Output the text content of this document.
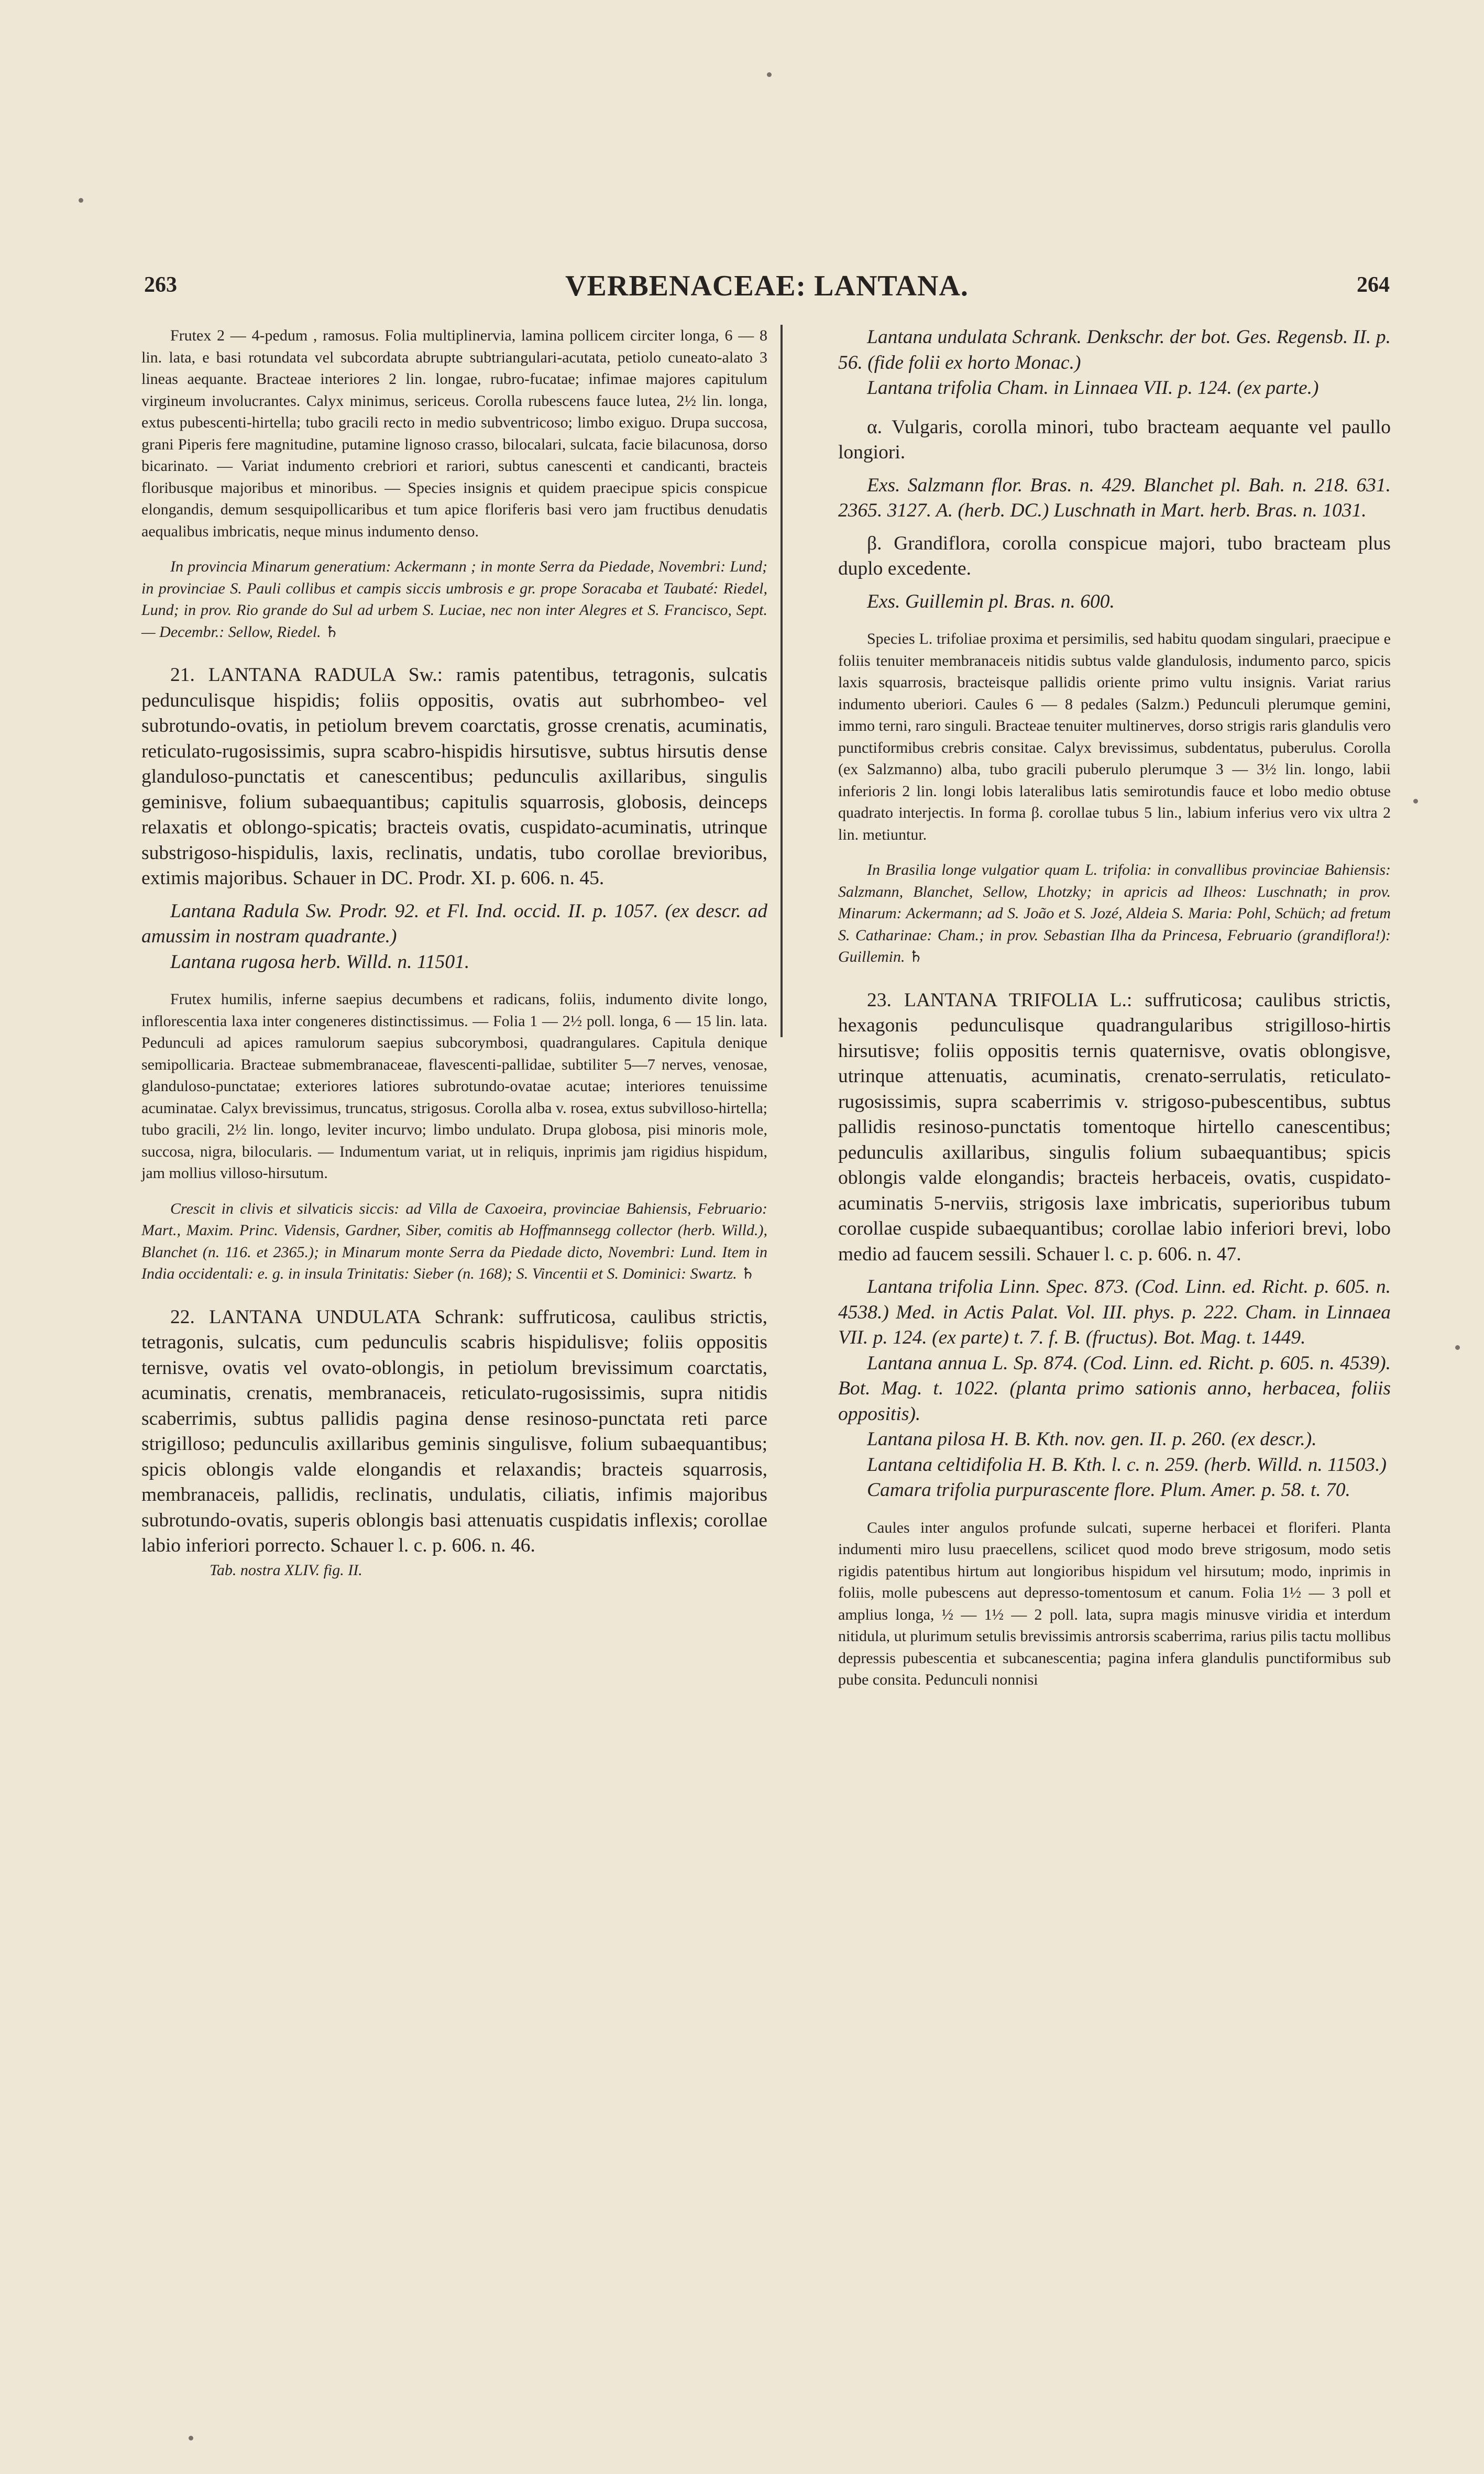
263	VERBENACEAE: LANTANA.	264

Frutex 2 — 4-pedum , ramosus. Folia multiplinervia, lamina pollicem circiter longa, 6 — 8 lin. lata, e basi rotundata vel subcordata abrupte subtriangulari-acutata, petiolo cuneato-alato 3 lineas aequante. Bracteae interiores 2 lin. longae, rubro-fucatae; infimae majores capitulum virgineum involucrantes. Calyx minimus, sericeus. Corolla rubescens fauce lutea, 2½ lin. longa, extus pubescenti-hirtella; tubo gracili recto in medio subventricoso; limbo exiguo. Drupa succosa, grani Piperis fere magnitudine, putamine lignoso crasso, bilocalari, sulcata, facie bilacunosa, dorso bicarinato. — Variat indumento crebriori et rariori, subtus canescenti et candicanti, bracteis floribusque majoribus et minoribus. — Species insignis et quidem praecipue spicis conspicue elongandis, demum sesquipollicaribus et tum apice floriferis basi vero jam fructibus denudatis aequalibus imbricatis, neque minus indumento denso.

In provincia Minarum generatium: Ackermann ; in monte Serra da Piedade, Novembri: Lund; in provinciae S. Pauli collibus et campis siccis umbrosis e gr. prope Soracaba et Taubaté: Riedel, Lund; in prov. Rio grande do Sul ad urbem S. Luciae, nec non inter Alegres et S. Francisco, Sept. — Decembr.: Sellow, Riedel. ♄

21. LANTANA RADULA Sw.: ramis patentibus, tetragonis, sulcatis pedunculisque hispidis; foliis oppositis, ovatis aut subrhombeo- vel subrotundo-ovatis, in petiolum brevem coarctatis, grosse crenatis, acuminatis, reticulato-rugosissimis, supra scabro-hispidis hirsutisve, subtus hirsutis dense glanduloso-punctatis et canescentibus; pedunculis axillaribus, singulis geminisve, folium subaequantibus; capitulis squarrosis, globosis, deinceps relaxatis et oblongo-spicatis; bracteis ovatis, cuspidato-acuminatis, utrinque substrigoso-hispidulis, laxis, reclinatis, undatis, tubo corollae brevioribus, extimis majoribus. Schauer in DC. Prodr. XI. p. 606. n. 45.

Lantana Radula Sw. Prodr. 92. et Fl. Ind. occid. II. p. 1057. (ex descr. ad amussim in nostram quadrante.)

Lantana rugosa herb. Willd. n. 11501.

Frutex humilis, inferne saepius decumbens et radicans, foliis, indumento divite longo, inflorescentia laxa inter congeneres distinctissimus. — Folia 1 — 2½ poll. longa, 6 — 15 lin. lata. Pedunculi ad apices ramulorum saepius subcorymbosi, quadrangulares. Capitula denique semipollicaria. Bracteae submembranaceae, flavescenti-pallidae, subtiliter 5—7 nerves, venosae, glanduloso-punctatae; exteriores latiores subrotundo-ovatae acutae; interiores tenuissime acuminatae. Calyx brevissimus, truncatus, strigosus. Corolla alba v. rosea, extus subvilloso-hirtella; tubo gracili, 2½ lin. longo, leviter incurvo; limbo undulato. Drupa globosa, pisi minoris mole, succosa, nigra, bilocularis. — Indumentum variat, ut in reliquis, inprimis jam rigidius hispidum, jam mollius villoso-hirsutum.

Crescit in clivis et silvaticis siccis: ad Villa de Caxoeira, provinciae Bahiensis, Februario: Mart., Maxim. Princ. Vidensis, Gardner, Siber, comitis ab Hoffmannsegg collector (herb. Willd.), Blanchet (n. 116. et 2365.); in Minarum monte Serra da Piedade dicto, Novembri: Lund. Item in India occidentali: e. g. in insula Trinitatis: Sieber (n. 168); S. Vincentii et S. Dominici: Swartz. ♄

22. LANTANA UNDULATA Schrank: suffruticosa, caulibus strictis, tetragonis, sulcatis, cum pedunculis scabris hispidulisve; foliis oppositis ternisve, ovatis vel ovato-oblongis, in petiolum brevissimum coarctatis, acuminatis, crenatis, membranaceis, reticulato-rugosissimis, supra nitidis scaberrimis, subtus pallidis pagina dense resinoso-punctata reti parce strigilloso; pedunculis axillaribus geminis singulisve, folium subaequantibus; spicis oblongis valde elongandis et relaxandis; bracteis squarrosis, membranaceis, pallidis, reclinatis, undulatis, ciliatis, infimis majoribus subrotundo-ovatis, superis oblongis basi attenuatis cuspidatis inflexis; corollae labio inferiori porrecto. Schauer l. c. p. 606. n. 46.

Tab. nostra XLIV. fig. II.

Lantana undulata Schrank. Denkschr. der bot. Ges. Regensb. II. p. 56. (fide folii ex horto Monac.)

Lantana trifolia Cham. in Linnaea VII. p. 124. (ex parte.)

α. Vulgaris, corolla minori, tubo bracteam aequante vel paullo longiori.

Exs. Salzmann flor. Bras. n. 429. Blanchet pl. Bah. n. 218. 631. 2365. 3127. A. (herb. DC.) Luschnath in Mart. herb. Bras. n. 1031.

β. Grandiflora, corolla conspicue majori, tubo bracteam plus duplo excedente.

Exs. Guillemin pl. Bras. n. 600.

Species L. trifoliae proxima et persimilis, sed habitu quodam singulari, praecipue e foliis tenuiter membranaceis nitidis subtus valde glandulosis, indumento parco, spicis laxis squarrosis, bracteisque pallidis oriente primo vultu insignis. Variat rarius indumento uberiori. Caules 6 — 8 pedales (Salzm.) Pedunculi plerumque gemini, immo terni, raro singuli. Bracteae tenuiter multinerves, dorso strigis raris glandulis vero punctiformibus crebris consitae. Calyx brevissimus, subdentatus, puberulus. Corolla (ex Salzmanno) alba, tubo gracili puberulo plerumque 3 — 3½ lin. longo, labii inferioris 2 lin. longi lobis lateralibus latis semirotundis fauce et lobo medio obtuse quadrato interjectis. In forma β. corollae tubus 5 lin., labium inferius vero vix ultra 2 lin. metiuntur.

In Brasilia longe vulgatior quam L. trifolia: in convallibus provinciae Bahiensis: Salzmann, Blanchet, Sellow, Lhotzky; in apricis ad Ilheos: Luschnath; in prov. Minarum: Ackermann; ad S. João et S. Jozé, Aldeia S. Maria: Pohl, Schüch; ad fretum S. Catharinae: Cham.; in prov. Sebastian Ilha da Princesa, Februario (grandiflora!): Guillemin. ♄

23. LANTANA TRIFOLIA L.: suffruticosa; caulibus strictis, hexagonis pedunculisque quadrangularibus strigilloso-hirtis hirsutisve; foliis oppositis ternis quaternisve, ovatis oblongisve, utrinque attenuatis, acuminatis, crenato-serrulatis, reticulato-rugosissimis, supra scaberrimis v. strigoso-pubescentibus, subtus pallidis resinoso-punctatis tomentoque hirtello canescentibus; pedunculis axillaribus, singulis folium subaequantibus; spicis oblongis valde elongandis; bracteis herbaceis, ovatis, cuspidato-acuminatis 5-nerviis, strigosis laxe imbricatis, superioribus tubum corollae cuspide subaequantibus; corollae labio inferiori brevi, lobo medio ad faucem sessili. Schauer l. c. p. 606. n. 47.

Lantana trifolia Linn. Spec. 873. (Cod. Linn. ed. Richt. p. 605. n. 4538.) Med. in Actis Palat. Vol. III. phys. p. 222. Cham. in Linnaea VII. p. 124. (ex parte) t. 7. f. B. (fructus). Bot. Mag. t. 1449.

Lantana annua L. Sp. 874. (Cod. Linn. ed. Richt. p. 605. n. 4539). Bot. Mag. t. 1022. (planta primo sationis anno, herbacea, foliis oppositis).

Lantana pilosa H. B. Kth. nov. gen. II. p. 260. (ex descr.).

Lantana celtidifolia H. B. Kth. l. c. n. 259. (herb. Willd. n. 11503.)

Camara trifolia purpurascente flore. Plum. Amer. p. 58. t. 70.

Caules inter angulos profunde sulcati, superne herbacei et floriferi. Planta indumenti miro lusu praecellens, scilicet quod modo breve strigosum, modo setis rigidis patentibus hirtum aut longioribus hispidum vel hirsutum; modo, inprimis in foliis, molle pubescens aut depresso-tomentosum et canum. Folia 1½ — 3 poll et amplius longa, ½ — 1½ — 2 poll. lata, supra magis minusve viridia et interdum nitidula, ut plurimum setulis brevissimis antrorsis scaberrima, rarius pilis tactu mollibus depressis pubescentia et subcanescentia; pagina infera glandulis punctiformibus sub pube consita. Pedunculi nonnisi
